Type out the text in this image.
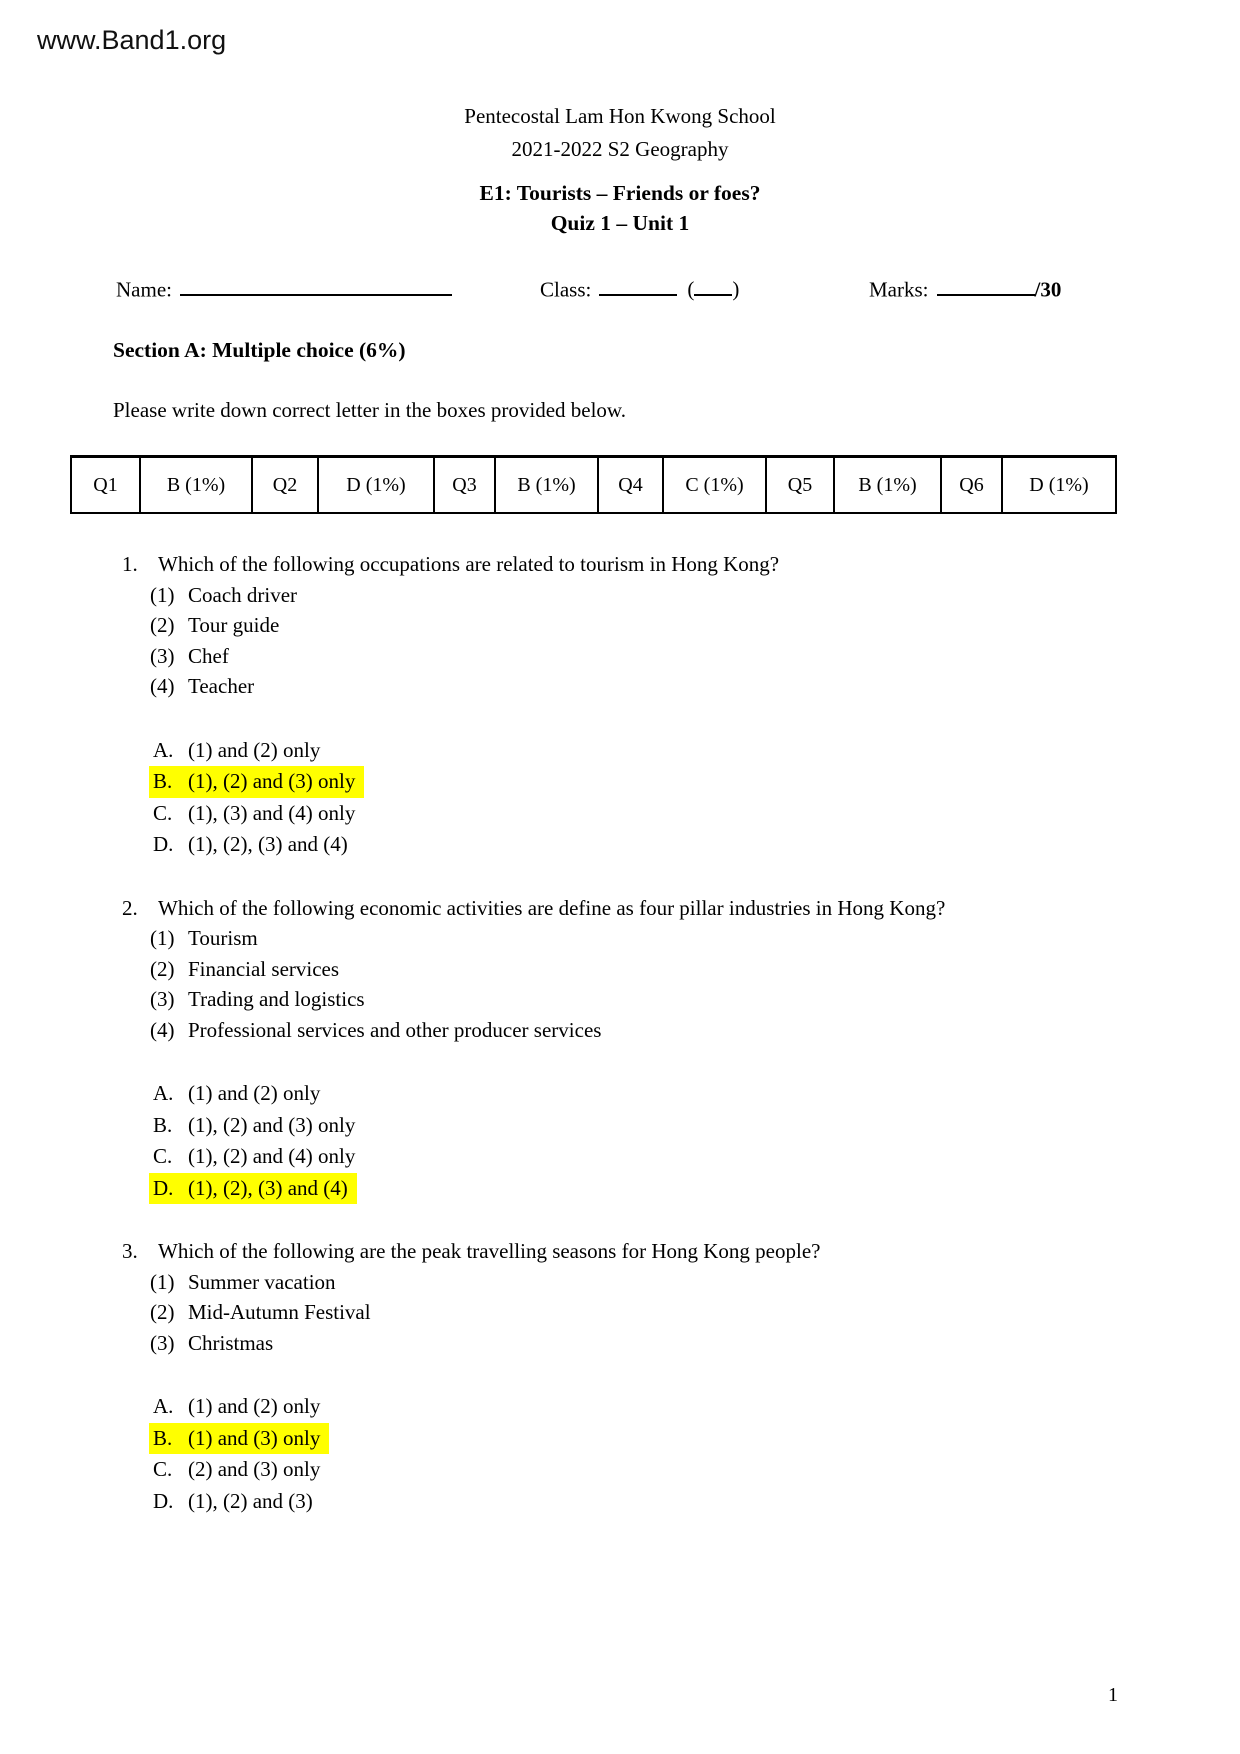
www.Band1.org
Pentecostal Lam Hon Kwong School
2021-2022 S2 Geography
E1: Tourists – Friends or foes?
Quiz 1 – Unit 1
Name:	Class:	( )	Marks:	/30
Section A: Multiple choice (6%)
Please write down correct letter in the boxes provided below.
Q1	B (1%)	Q2	D (1%)	Q3	B (1%)	Q4	C (1%)	Q5	B (1%)	Q6	D (1%)
1. Which of the following occupations are related to tourism in Hong Kong?
(1) Coach driver
(2) Tour guide
(3) Chef
(4) Teacher
A. (1) and (2) only
B. (1), (2) and (3) only
C. (1), (3) and (4) only
D. (1), (2), (3) and (4)
2. Which of the following economic activities are define as four pillar industries in Hong Kong?
(1) Tourism
(2) Financial services
(3) Trading and logistics
(4) Professional services and other producer services
A. (1) and (2) only
B. (1), (2) and (3) only
C. (1), (2) and (4) only
D. (1), (2), (3) and (4)
3. Which of the following are the peak travelling seasons for Hong Kong people?
(1) Summer vacation
(2) Mid-Autumn Festival
(3) Christmas
A. (1) and (2) only
B. (1) and (3) only
C. (2) and (3) only
D. (1), (2) and (3)
1
